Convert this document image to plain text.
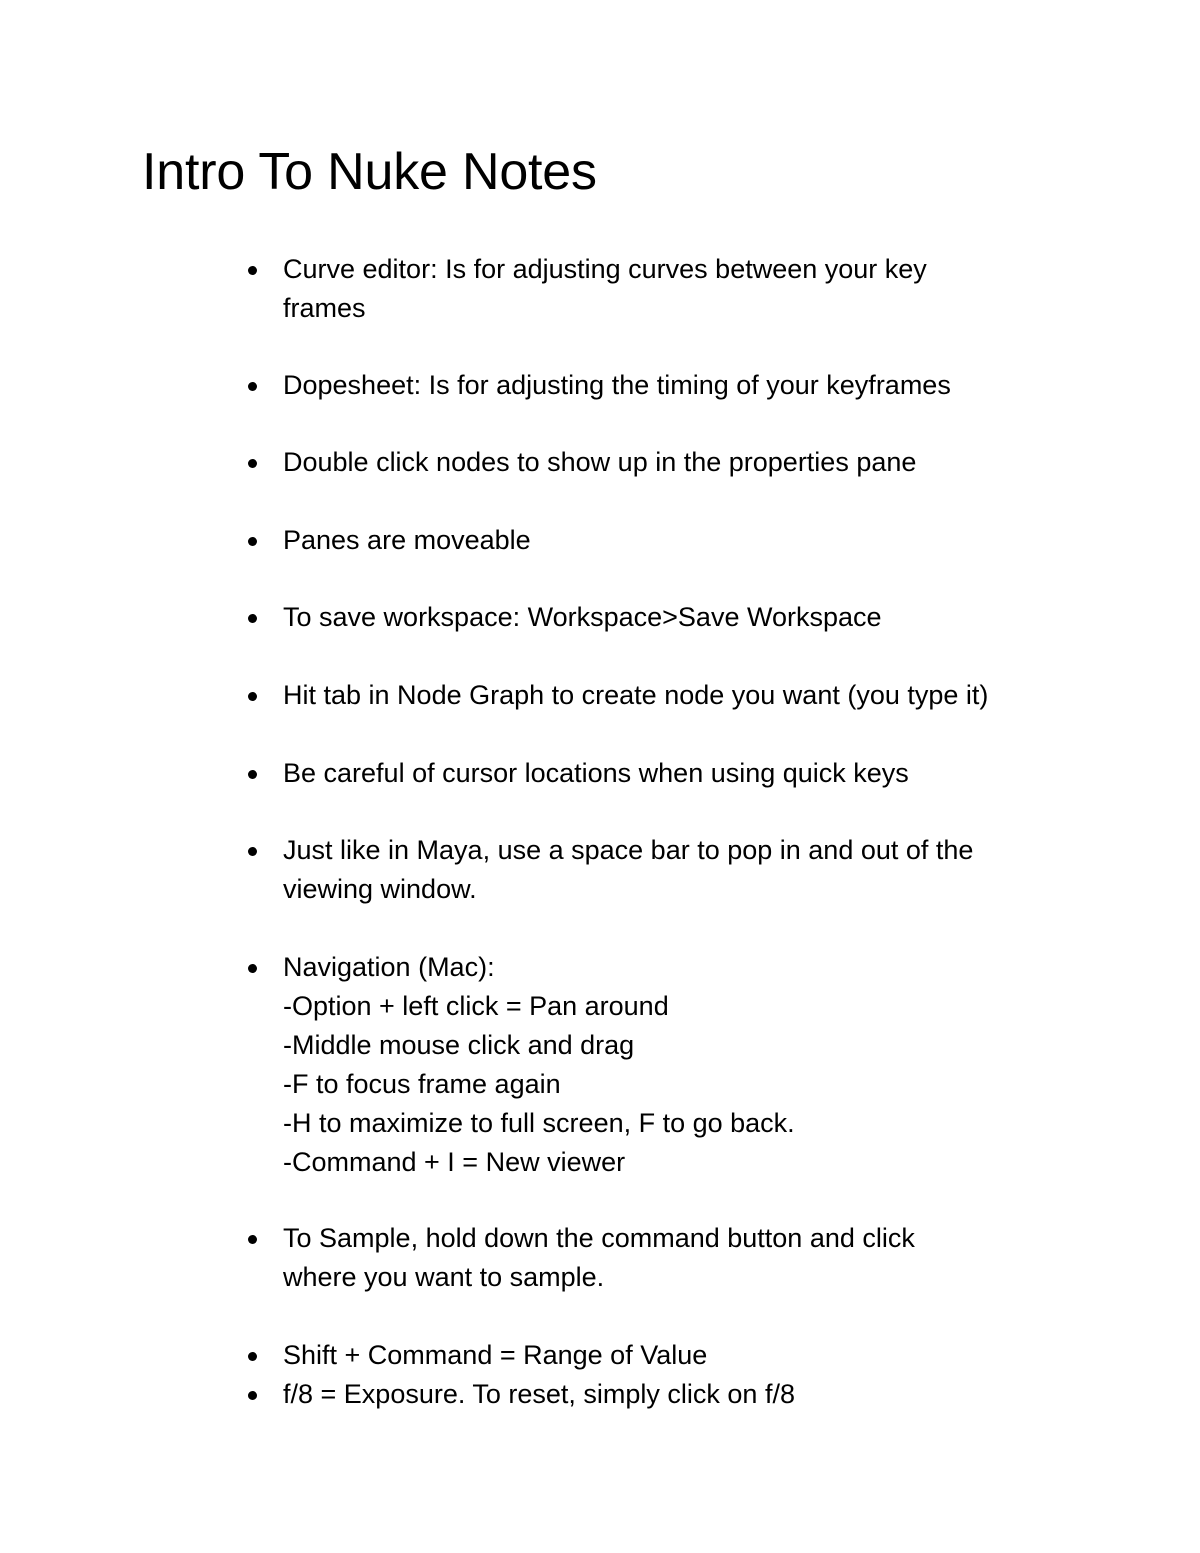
Intro To Nuke Notes
Curve editor: Is for adjusting curves between your key
frames
Dopesheet: Is for adjusting the timing of your keyframes
Double click nodes to show up in the properties pane
Panes are moveable
To save workspace: Workspace>Save Workspace
Hit tab in Node Graph to create node you want (you type it)
Be careful of cursor locations when using quick keys
Just like in Maya, use a space bar to pop in and out of the
viewing window.
Navigation (Mac):
-Option + left click = Pan around
-Middle mouse click and drag
-F to focus frame again
-H to maximize to full screen, F to go back.
-Command + I = New viewer
To Sample, hold down the command button and click
where you want to sample.
Shift + Command = Range of Value
f/8 = Exposure. To reset, simply click on f/8
